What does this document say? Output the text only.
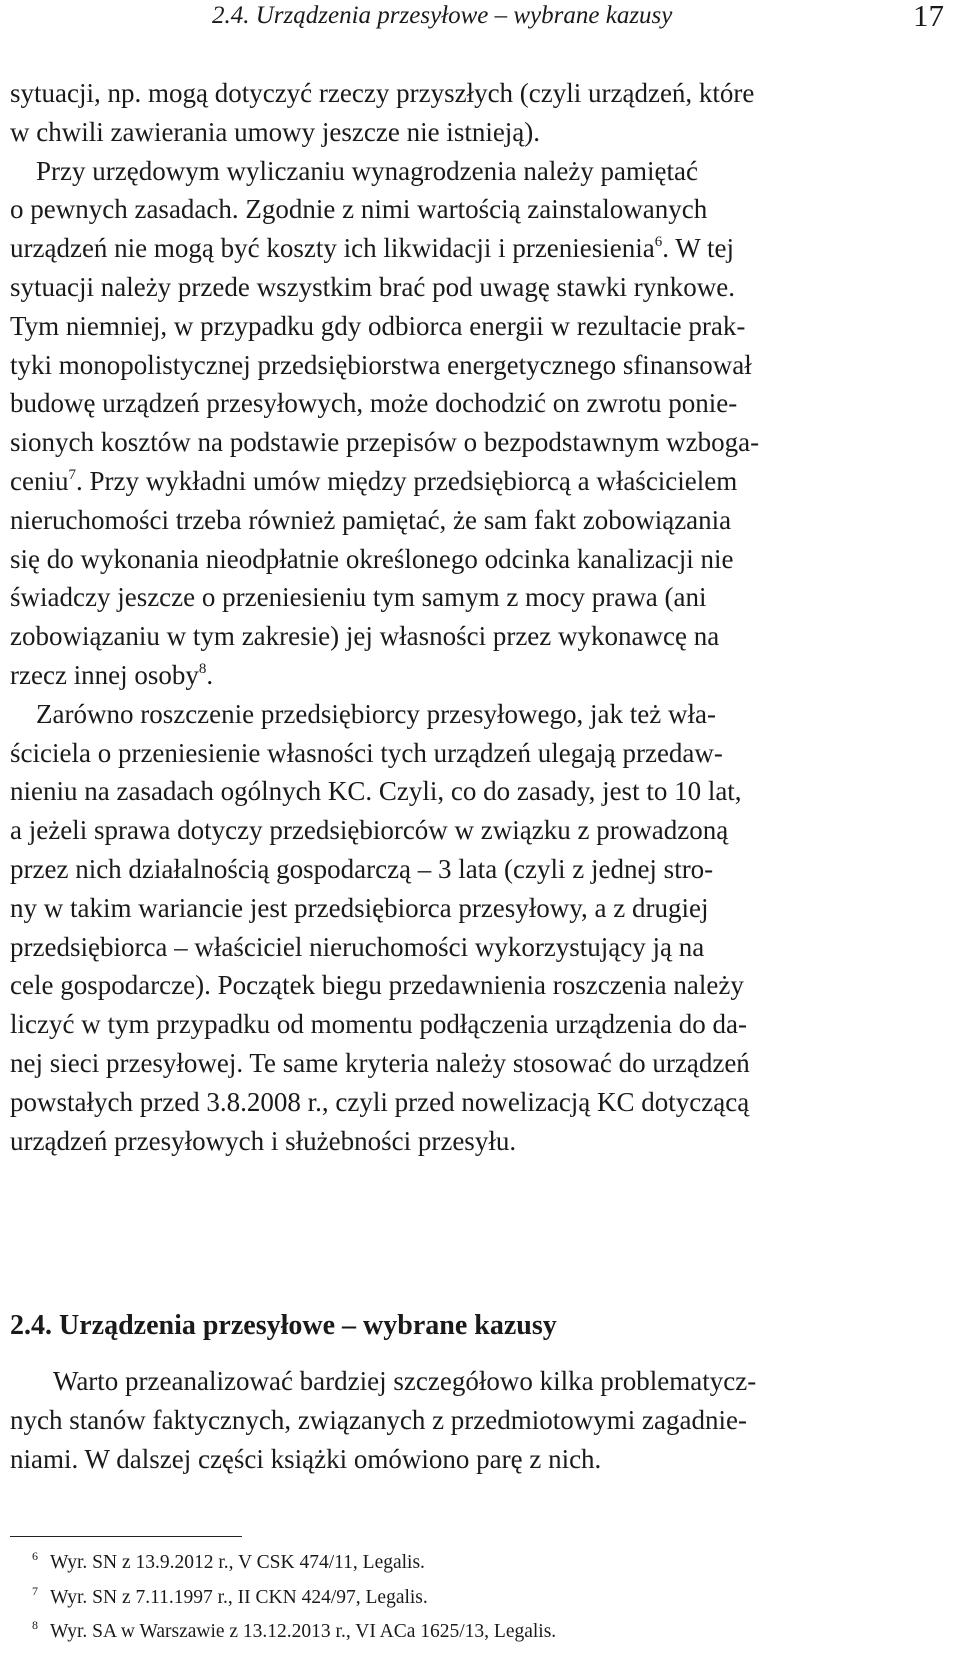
2.4. Urządzenia przesyłowe – wybrane kazusy	17
sytuacji, np. mogą dotyczyć rzeczy przyszłych (czyli urządzeń, które
w chwili zawierania umowy jeszcze nie istnieją).
Przy urzędowym wyliczaniu wynagrodzenia należy pamiętać
o pewnych zasadach. Zgodnie z nimi wartością zainstalowanych
urządzeń nie mogą być koszty ich likwidacji i przeniesienia$^6$. W tej
sytuacji należy przede wszystkim brać pod uwagę stawki rynkowe.
Tym niemniej, w przypadku gdy odbiorca energii w rezultacie prak-
tyki monopolistycznej przedsiębiorstwa energetycznego sfinansował
budowę urządzeń przesyłowych, może dochodzić on zwrotu ponie-
sionych kosztów na podstawie przepisów o bezpodstawnym wzboga-
ceniu$^7$. Przy wykładni umów między przedsiębiorcą a właścicielem
nieruchomości trzeba również pamiętać, że sam fakt zobowiązania
się do wykonania nieodpłatnie określonego odcinka kanalizacji nie
świadczy jeszcze o przeniesieniu tym samym z mocy prawa (ani
zobowiązaniu w tym zakresie) jej własności przez wykonawcę na
rzecz innej osoby$^8$.
Zarówno roszczenie przedsiębiorcy przesyłowego, jak też wła-
ściciela o przeniesienie własności tych urządzeń ulegają przedaw-
nieniu na zasadach ogólnych KC. Czyli, co do zasady, jest to 10 lat,
a jeżeli sprawa dotyczy przedsiębiorców w związku z prowadzoną
przez nich działalnością gospodarczą – 3 lata (czyli z jednej stro-
ny w takim wariancie jest przedsiębiorca przesyłowy, a z drugiej
przedsiębiorca – właściciel nieruchomości wykorzystujący ją na
cele gospodarcze). Początek biegu przedawnienia roszczenia należy
liczyć w tym przypadku od momentu podłączenia urządzenia do da-
nej sieci przesyłowej. Te same kryteria należy stosować do urządzeń
powstałych przed 3.8.2008 r., czyli przed nowelizacją KC dotyczącą
urządzeń przesyłowych i służebności przesyłu.
2.4. Urządzenia przesyłowe – wybrane kazusy
Warto przeanalizować bardziej szczegółowo kilka problematycz-
nych stanów faktycznych, związanych z przedmiotowymi zagadnie-
niami. W dalszej części książki omówiono parę z nich.
$^6$ Wyr. SN z 13.9.2012 r., V CSK 474/11, Legalis.
$^7$ Wyr. SN z 7.11.1997 r., II CKN 424/97, Legalis.
$^8$ Wyr. SA w Warszawie z 13.12.2013 r., VI ACa 1625/13, Legalis.
